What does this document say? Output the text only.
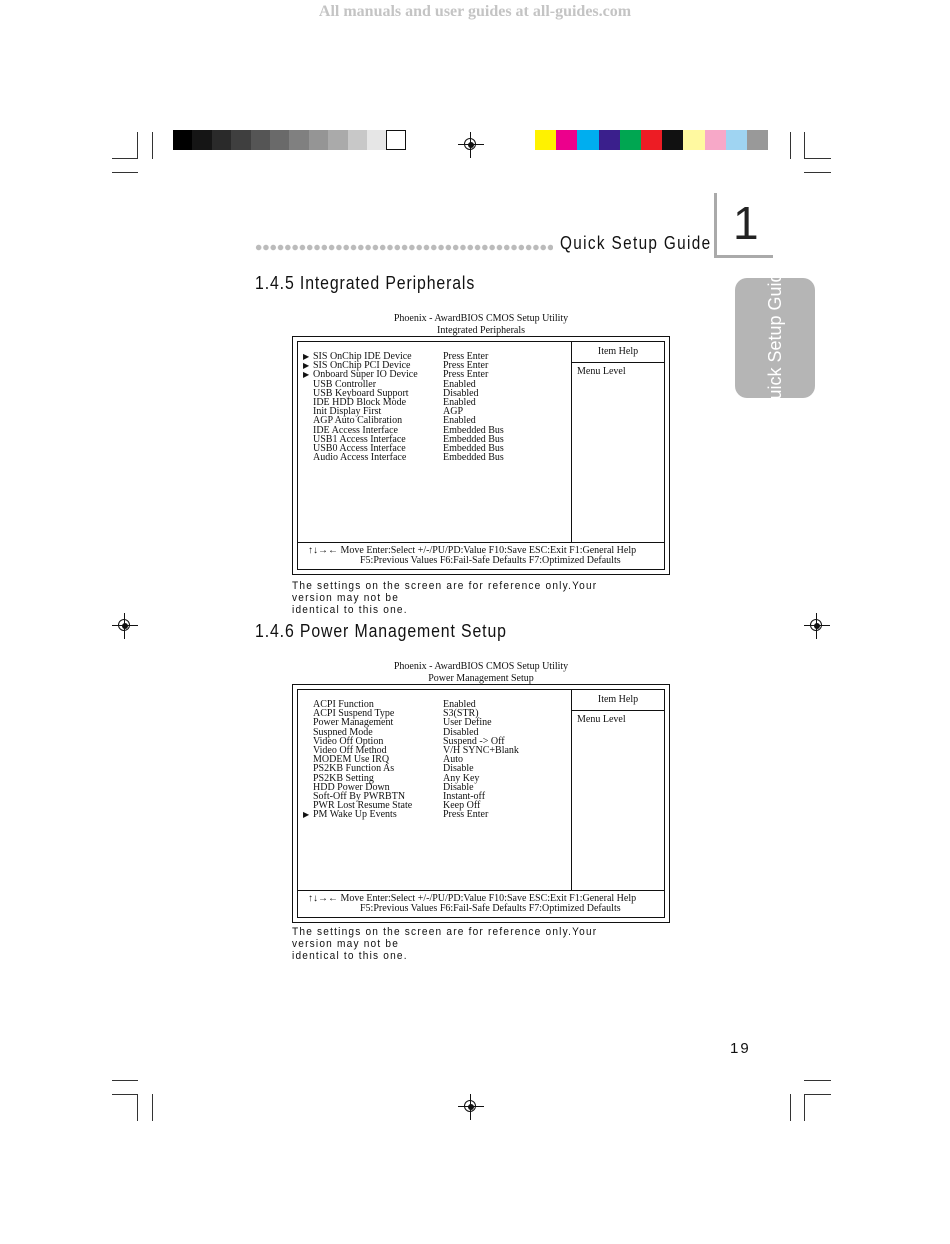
All manuals and user guides at all-guides.com
Quick Setup Guide 1
Quick Setup Guide
1.4.5 Integrated Peripherals
Phoenix - AwardBIOS CMOS Setup Utility
Integrated Peripherals
Item Help
Menu Level
▶ SIS OnChip IDE Device	Press Enter
▶ SIS OnChip PCI Device	Press Enter
▶ Onboard Super IO Device	Press Enter
USB Controller	Enabled
USB Keyboard Support	Disabled
IDE HDD Block Mode	Enabled
Init Display First	AGP
AGP Auto Calibration	Enabled
IDE Access Interface	Embedded Bus
USB1 Access Interface	Embedded Bus
USB0 Access Interface	Embedded Bus
Audio Access Interface	Embedded Bus
↑↓→← Move Enter:Select +/-/PU/PD:Value F10:Save ESC:Exit F1:General Help
F5:Previous Values F6:Fail-Safe Defaults F7:Optimized Defaults
The settings on the screen are for reference only.Your version may not be
identical to this one.
1.4.6 Power Management Setup
Phoenix - AwardBIOS CMOS Setup Utility
Power Management Setup
Item Help
Menu Level
ACPI Function	Enabled
ACPI Suspend Type	S3(STR)
Power Management	User Define
Suspned Mode	Disabled
Video Off Option	Suspend -> Off
Video Off Method	V/H SYNC+Blank
MODEM Use IRQ	Auto
PS2KB Function As	Disable
PS2KB Setting	Any Key
HDD Power Down	Disable
Soft-Off By PWRBTN	Instant-off
PWR Lost Resume State	Keep Off
▶ PM Wake Up Events	Press Enter
↑↓→← Move Enter:Select +/-/PU/PD:Value F10:Save ESC:Exit F1:General Help
F5:Previous Values F6:Fail-Safe Defaults F7:Optimized Defaults
The settings on the screen are for reference only.Your version may not be
identical to this one.
19
